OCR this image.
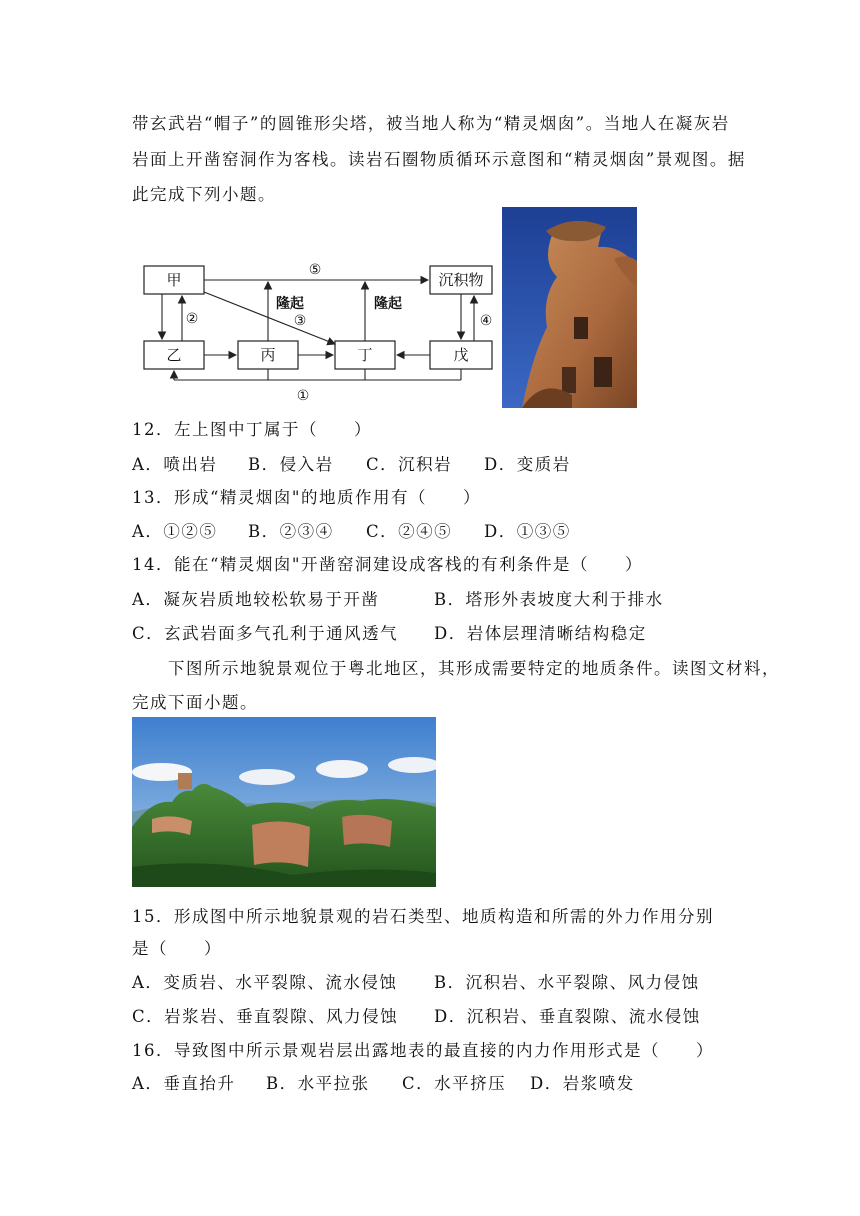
带玄武岩“帽子”的圆锥形尖塔，被当地人称为“精灵烟囱”。当地人在凝灰岩
岩面上开凿窑洞作为客栈。读岩石圈物质循环示意图和“精灵烟囱”景观图。据
此完成下列小题。
甲	沉积物
乙	丙	丁	戊
⑤
②	③
隆起	隆起
④
①
12．左上图中丁属于（　　）
A．喷出岩 B．侵入岩 C．沉积岩 D．变质岩
13．形成“精灵烟囱"的地质作用有（　　）
A．①②⑤ B．②③④ C．②④⑤ D．①③⑤
14．能在“精灵烟囱"开凿窑洞建设成客栈的有利条件是（　　）
A．凝灰岩质地较松软易于开凿	B．塔形外表坡度大利于排水
C．玄武岩面多气孔利于通风透气 D．岩体层理清晰结构稳定
　　下图所示地貌景观位于粤北地区，其形成需要特定的地质条件。读图文材料，
完成下面小题。
15．形成图中所示地貌景观的岩石类型、地质构造和所需的外力作用分别
是（　　）
A．变质岩、水平裂隙、流水侵蚀 B．沉积岩、水平裂隙、风力侵蚀
C．岩浆岩、垂直裂隙、风力侵蚀 D．沉积岩、垂直裂隙、流水侵蚀
16．导致图中所示景观岩层出露地表的最直接的内力作用形式是（　　）
A．垂直抬升 B．水平拉张 C．水平挤压 D．岩浆喷发
